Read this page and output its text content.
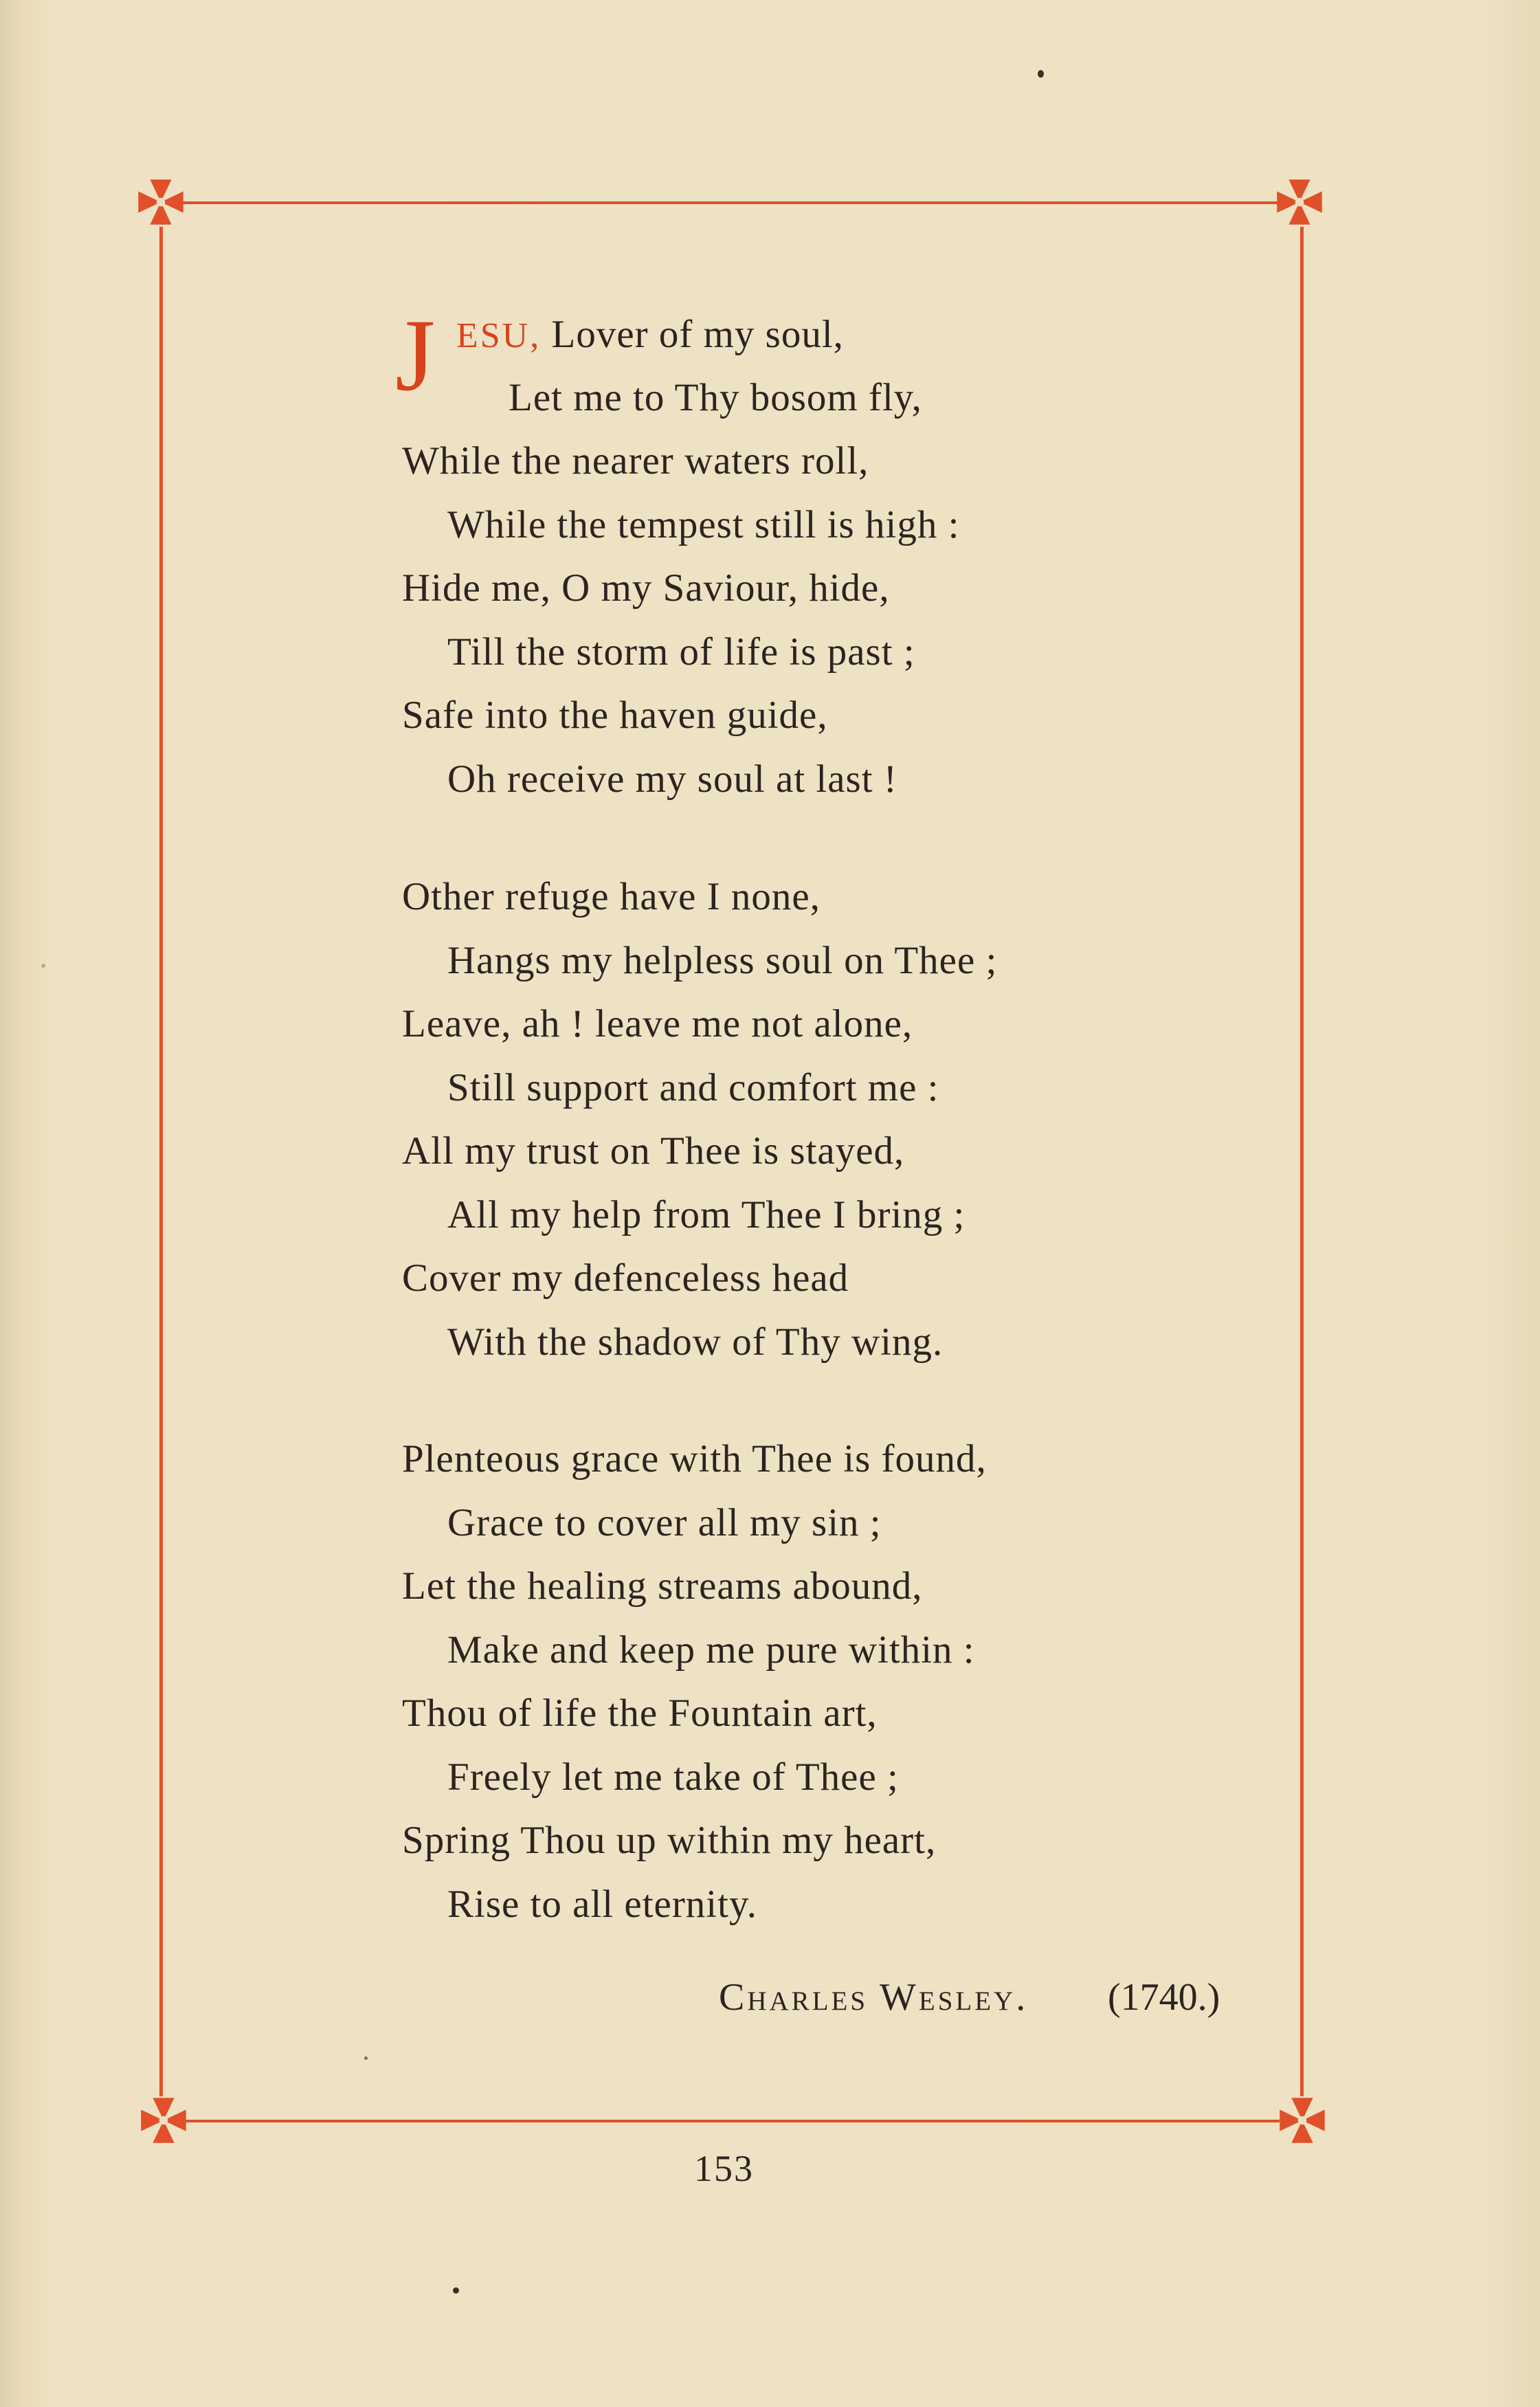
J ESU, Lover of my soul,
Let me to Thy bosom fly,
While the nearer waters roll,
While the tempest still is high :
Hide me, O my Saviour, hide,
Till the storm of life is past ;
Safe into the haven guide,
Oh receive my soul at last !
Other refuge have I none,
Hangs my helpless soul on Thee ;
Leave, ah ! leave me not alone,
Still support and comfort me :
All my trust on Thee is stayed,
All my help from Thee I bring ;
Cover my defenceless head
With the shadow of Thy wing.
Plenteous grace with Thee is found,
Grace to cover all my sin ;
Let the healing streams abound,
Make and keep me pure within :
Thou of life the Fountain art,
Freely let me take of Thee ;
Spring Thou up within my heart,
Rise to all eternity.
Charles Wesley. (1740.)
153
